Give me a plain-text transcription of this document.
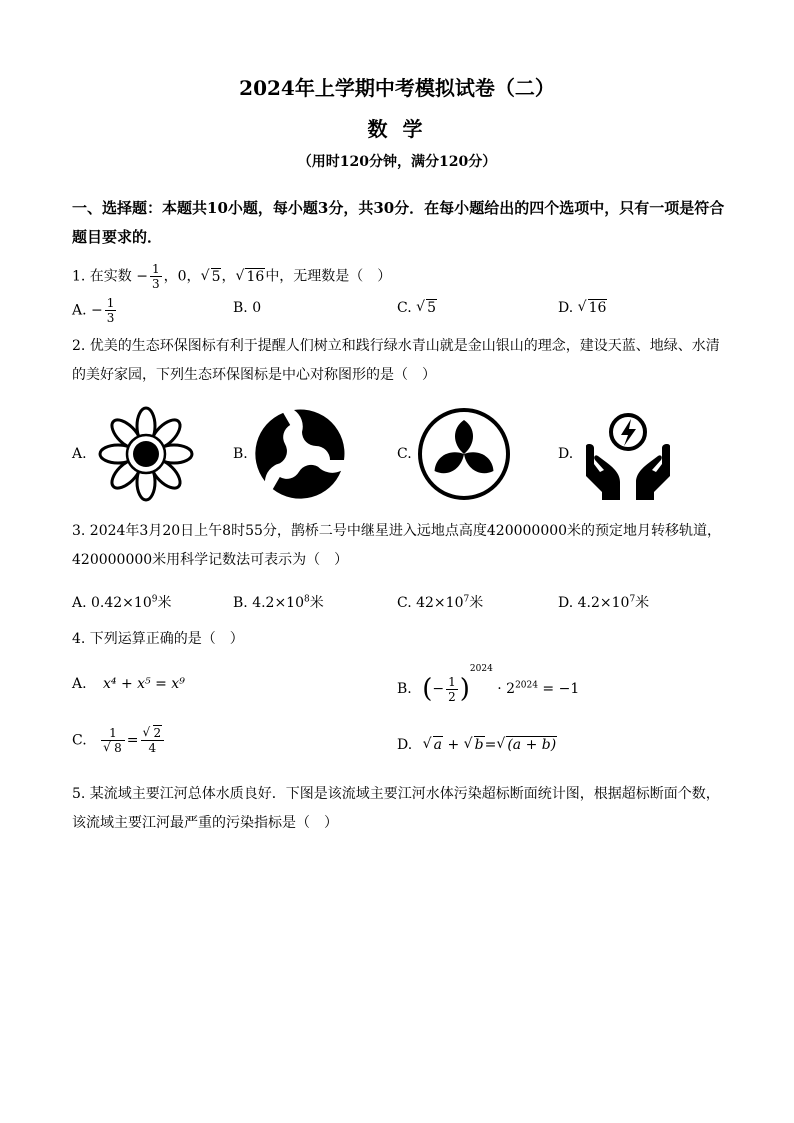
2024年上学期中考模拟试卷（二）
数 学
（用时120分钟，满分120分）
一、选择题：本题共10小题，每小题3分，共30分．在每小题给出的四个选项中，只有一项是符合题目要求的．
1. 在实数 − $\frac{1}{3}$ ，0， √ 5， √ 16中，无理数是（　）
A. − $\frac{1}{3}$	B. 0	C. √ 5	D. √ 16
2. 优美的生态环保图标有利于提醒人们树立和践行绿水青山就是金山银山的理念，建设天蓝、地绿、水清的美好家园，下列生态环保图标是中心对称图形的是（　）
A.	B.	C.	D.
3. 2024年3月20日上午8时55分，鹊桥二号中继星进入远地点高度420000000米的预定地月转移轨道，420000000米用科学记数法可表示为（　）
A. $0.42\times 10^9$米	B. $4.2\times 10^8$米	C. $42\times 10^7$米	D. $4.2\times 10^7$米
4. 下列运算正确的是（　）
A. x⁴ + x⁵ = x⁹	B. (− $\frac{1}{2} )^{2024} \cdot 2^{2024} = -1$
C. 1
√ 8 = √ $\frac{2}{4}$	D. √ a + √ b= √ (a + b)
5. 某流域主要江河总体水质良好．下图是该流域主要江河水体污染超标断面统计图，根据超标断面个数，该流域主要江河最严重的污染指标是（　）
